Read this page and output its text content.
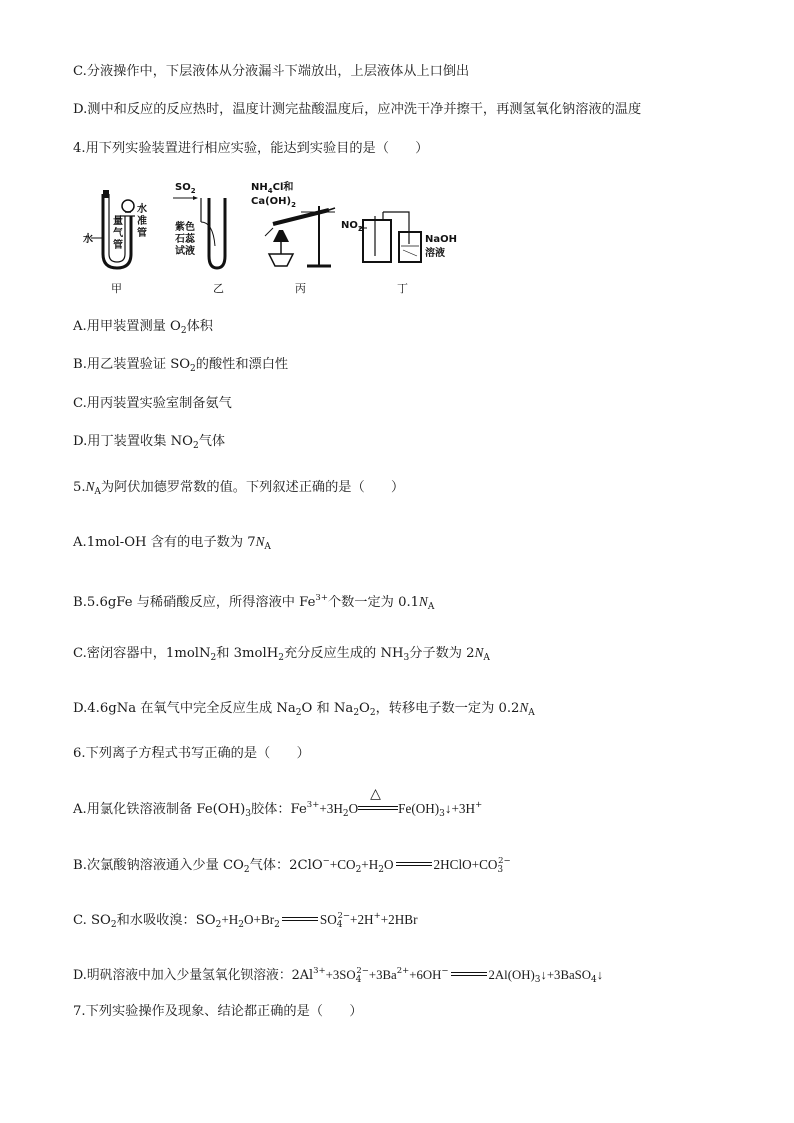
C.分液操作中，下层液体从分液漏斗下端放出，上层液体从上口倒出
D.测中和反应的反应热时，温度计测完盐酸温度后，应冲洗干净并擦干，再测氢氧化钠溶液的温度
4.用下列实验装置进行相应实验，能达到实验目的是（　　）
水
量
气
管
水
准
管
$SO_2$
紫色
石蕊
试液
$NH_4Cl$和
$Ca(OH)_2$
$NO_2$
NaOH
溶液
甲	乙	丙	丁
A.用甲装置测量 $O_2$体积
B.用乙装置验证 $SO_2$的酸性和漂白性
C.用丙装置实验室制备氨气
D.用丁装置收集 $NO_2$气体
$5.N_A$为阿伏加德罗常数的值。下列叙述正确的是（　　）
A.1mol-OH 含有的电子数为 $7N_A$
B.5.6gFe 与稀硝酸反应，所得溶液中 $Fe^{3+}$个数一定为 $0.1N_A$
C.密闭容器中，1molN$_2$和 3molH$_2$充分反应生成的 $NH_3$分子数为 $2N_A$
D.4.6gNa 在氧气中完全反应生成 $Na_2O$ 和 $Na_2O_2$，转移电子数一定为 $0.2N_A$
6.下列离子方程式书写正确的是（　　）
A.用氯化铁溶液制备 $Fe(OH)_3$胶体：$Fe^{3+}+3H_2O$
△
$Fe(OH)_3↓+3H^+$
B.次氯酸钠溶液通入少量 $CO_2$气体：$2ClO^-+CO_2+H_2O$	$2HClO+CO_3^{2-}$
C. $SO_2$和水吸收溴：$SO_2+H_2O+Br_2$	$SO_4^{2-}+2H^++2HBr$
D.明矾溶液中加入少量氢氧化钡溶液：$2Al^{3+}+3SO_4^{2-}+3Ba^{2+}+6OH^-$	$2Al(OH)_3↓+3BaSO_4↓$
7.下列实验操作及现象、结论都正确的是（　　）
